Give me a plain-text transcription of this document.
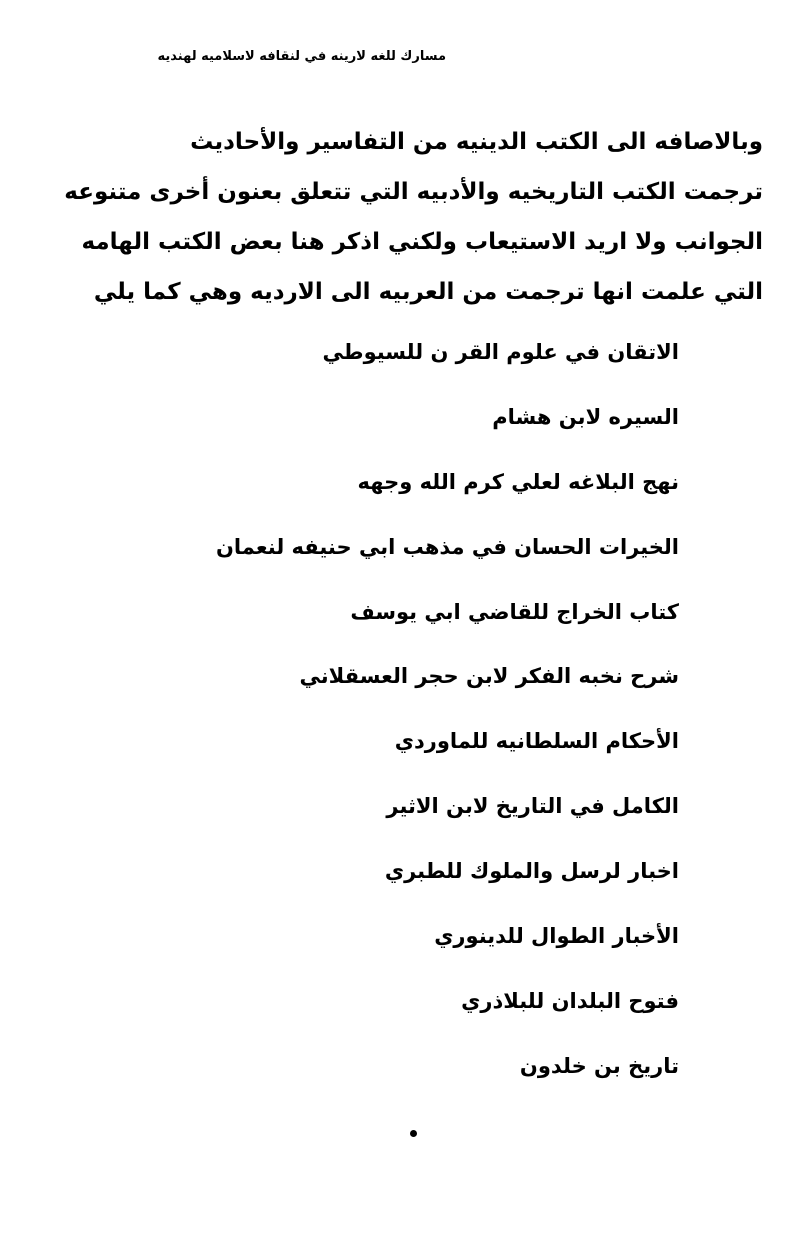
مسارك للغه لارينه في لنقافه لاسلاميه لهنديه
وبالاصافه الى الكتب الدينيه من التفاسير والأحاديث
ترجمت الكتب التاريخيه والأدبيه التي تتعلق بعنون أخرى متنوعه
الجوانب ولا اريد الاستيعاب ولكني اذكر هنا بعض الكتب الهامه
التي علمت انها ترجمت من العربيه الى الارديه وهي كما يلي
الاتقان في علوم القر ن للسيوطي
السيره لابن هشام
نهج البلاغه لعلي كرم الله وجهه
الخيرات الحسان في مذهب ابي حنيفه لنعمان
كتاب الخراج للقاضي ابي يوسف
شرح نخبه الفكر لابن حجر العسقلاني
الأحكام السلطانيه للماوردي
الكامل في التاريخ لابن الاثير
اخبار لرسل والملوك للطبري
الأخبار الطوال للدينوري
فتوح البلدان للبلاذري
تاريخ بن خلدون
